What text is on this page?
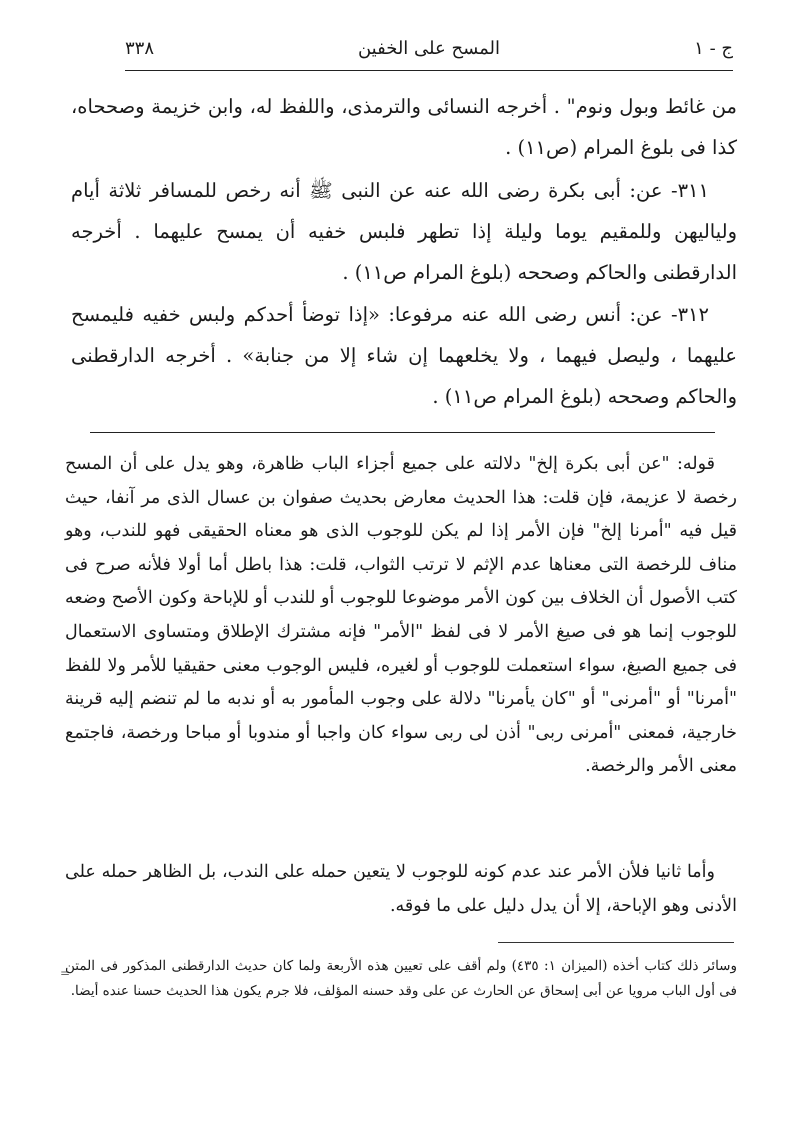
ج - ١
المسح على الخفين
٣٣٨

من غائط وبول ونوم" . أخرجه النسائى والترمذى، واللفظ له، وابن خزيمة وصححاه، كذا فى بلوغ المرام (ص١١) .

٣١١- عن: أبى بكرة رضى الله عنه عن النبى ﷺ أنه رخص للمسافر ثلاثة أيام ولياليهن وللمقيم يوما وليلة إذا تطهر فلبس خفيه أن يمسح عليهما . أخرجه الدارقطنى والحاكم وصححه (بلوغ المرام ص١١) .

٣١٢- عن: أنس رضى الله عنه مرفوعا: «إذا توضأ أحدكم ولبس خفيه فليمسح عليهما ، وليصل فيهما ، ولا يخلعهما إن شاء إلا من جنابة» . أخرجه الدارقطنى والحاكم وصححه (بلوغ المرام ص١١) .

قوله: "عن أبى بكرة إلخ" دلالته على جميع أجزاء الباب ظاهرة، وهو يدل على أن المسح رخصة لا عزيمة، فإن قلت: هذا الحديث معارض بحديث صفوان بن عسال الذى مر آنفا، حيث قيل فيه "أمرنا إلخ" فإن الأمر إذا لم يكن للوجوب الذى هو معناه الحقيقى فهو للندب، وهو مناف للرخصة التى معناها عدم الإثم لا ترتب الثواب، قلت: هذا باطل أما أولا فلأنه صرح فى كتب الأصول أن الخلاف بين كون الأمر موضوعا للوجوب أو للندب أو للإباحة وكون الأصح وضعه للوجوب إنما هو فى صيغ الأمر لا فى لفظ "الأمر" فإنه مشترك الإطلاق ومتساوى الاستعمال فى جميع الصيغ، سواء استعملت للوجوب أو لغيره، فليس الوجوب معنى حقيقيا للأمر ولا للفظ "أمرنا" أو "أمرنى" أو "كان يأمرنا" دلالة على وجوب المأمور به أو ندبه ما لم تنضم إليه قرينة خارجية، فمعنى "أمرنى ربى" أذن لى ربى سواء كان واجبا أو مندوبا أو مباحا ورخصة، فاجتمع معنى الأمر والرخصة.

وأما ثانيا فلأن الأمر عند عدم كونه للوجوب لا يتعين حمله على الندب، بل الظاهر حمله على الأدنى وهو الإباحة، إلا أن يدل دليل على ما فوقه.

=

وسائر ذلك كتاب أخذه (الميزان ١: ٤٣٥) ولم أقف على تعيين هذه الأربعة ولما كان حديث الدارقطنى المذكور فى المتن فى أول الباب مرويا عن أبى إسحاق عن الحارث عن على وقد حسنه المؤلف، فلا جرم يكون هذا الحديث حسنا عنده أيضا.
